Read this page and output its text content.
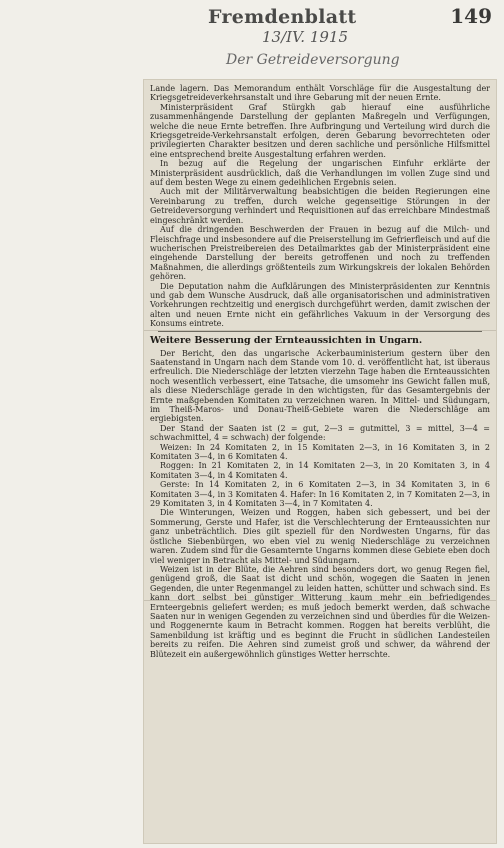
Fremdenblatt	149
13/IV. 1915
Der Getreideversorgung

Lande lagern. Das Memorandum enthält Vorschläge für die Ausgestaltung der Kriegsgetreideverkehrsanstalt und ihre Gebarung mit der neuen Ernte.

Ministerpräsident Graf Stürgkh gab hierauf eine ausführliche zusammenhängende Darstellung der geplanten Maßregeln und Verfügungen, welche die neue Ernte betreffen. Ihre Aufbringung und Verteilung wird durch die Kriegsgetreide-Verkehrsanstalt erfolgen, deren Gebarung bevorrechteten oder privilegierten Charakter besitzen und deren sachliche und persönliche Hilfsmittel eine entsprechend breite Ausgestaltung erfahren werden.

In bezug auf die Regelung der ungarischen Einfuhr erklärte der Ministerpräsident ausdrücklich, daß die Verhandlungen im vollen Zuge sind und auf dem besten Wege zu einem gedeihlichen Ergebnis seien.

Auch mit der Militärverwaltung beabsichtigen die beiden Regierungen eine Vereinbarung zu treffen, durch welche gegenseitige Störungen in der Getreideversorgung verhindert und Requisitionen auf das erreichbare Mindestmaß eingeschränkt werden.

Auf die dringenden Beschwerden der Frauen in bezug auf die Milch- und Fleischfrage und insbesondere auf die Preiserstellung im Gefrierfleisch und auf die wucherischen Preistreibereien des Detailmarktes gab der Ministerpräsident eine eingehende Darstellung der bereits getroffenen und noch zu treffenden Maßnahmen, die allerdings größtenteils zum Wirkungskreis der lokalen Behörden gehören.

Die Deputation nahm die Aufklärungen des Ministerpräsidenten zur Kenntnis und gab dem Wunsche Ausdruck, daß alle organisatorischen und administrativen Vorkehrungen rechtzeitig und energisch durchgeführt werden, damit zwischen der alten und neuen Ernte nicht ein gefährliches Vakuum in der Versorgung des Konsums eintrete.

Weitere Besserung der Ernteaussichten in Ungarn.

Der Bericht, den das ungarische Ackerbauministerium gestern über den Saatenstand in Ungarn nach dem Stande vom 10. d. veröffentlicht hat, ist überaus erfreulich. Die Niederschläge der letzten vierzehn Tage haben die Ernteaussichten noch wesentlich verbessert, eine Tatsache, die umsomehr ins Gewicht fallen muß, als diese Niederschläge gerade in den wichtigsten, für das Gesamtergebnis der Ernte maßgebenden Komitaten zu verzeichnen waren. In Mittel- und Südungarn, im Theiß-Maros- und Donau-Theiß-Gebiete waren die Niederschläge am ergiebigsten.

Der Stand der Saaten ist (2 = gut, 2—3 = gutmittel, 3 = mittel, 3—4 = schwachmittel, 4 = schwach) der folgende:

Weizen: In 24 Komitaten 2, in 15 Komitaten 2—3, in 16 Komitaten 3, in 2 Komitaten 3—4, in 6 Komitaten 4.

Roggen: In 21 Komitaten 2, in 14 Komitaten 2—3, in 20 Komitaten 3, in 4 Komitaten 3—4, in 4 Komitaten 4.

Gerste: In 14 Komitaten 2, in 6 Komitaten 2—3, in 34 Komitaten 3, in 6 Komitaten 3—4, in 3 Komitaten 4. Hafer: In 16 Komitaten 2, in 7 Komitaten 2—3, in 29 Komitaten 3, in 4 Komitaten 3—4, in 7 Komitaten 4.

Die Winterungen, Weizen und Roggen, haben sich gebessert, und bei der Sommerung, Gerste und Hafer, ist die Verschlechterung der Ernteaussichten nur ganz unbeträchtlich. Dies gilt speziell für den Nordwesten Ungarns, für das östliche Siebenbürgen, wo eben viel zu wenig Niederschläge zu verzeichnen waren. Zudem sind für die Gesamternte Ungarns kommen diese Gebiete eben doch viel weniger in Betracht als Mittel- und Südungarn.

Weizen ist in der Blüte, die Aehren sind besonders dort, wo genug Regen fiel, genügend groß, die Saat ist dicht und schön, wogegen die Saaten in jenen Gegenden, die unter Regenmangel zu leiden hatten, schütter und schwach sind. Es kann dort selbst bei günstiger Witterung kaum mehr ein befriedigendes Ernteergebnis geliefert werden; es muß jedoch bemerkt werden, daß schwache Saaten nur in wenigen Gegenden zu verzeichnen sind und überdies für die Weizen- und Roggenernte kaum in Betracht kommen. Roggen hat bereits verblüht, die Samenbildung ist kräftig und es beginnt die Frucht in südlichen Landesteilen bereits zu reifen. Die Aehren sind zumeist groß und schwer, da während der Blütezeit ein außergewöhnlich günstiges Wetter herrschte.
